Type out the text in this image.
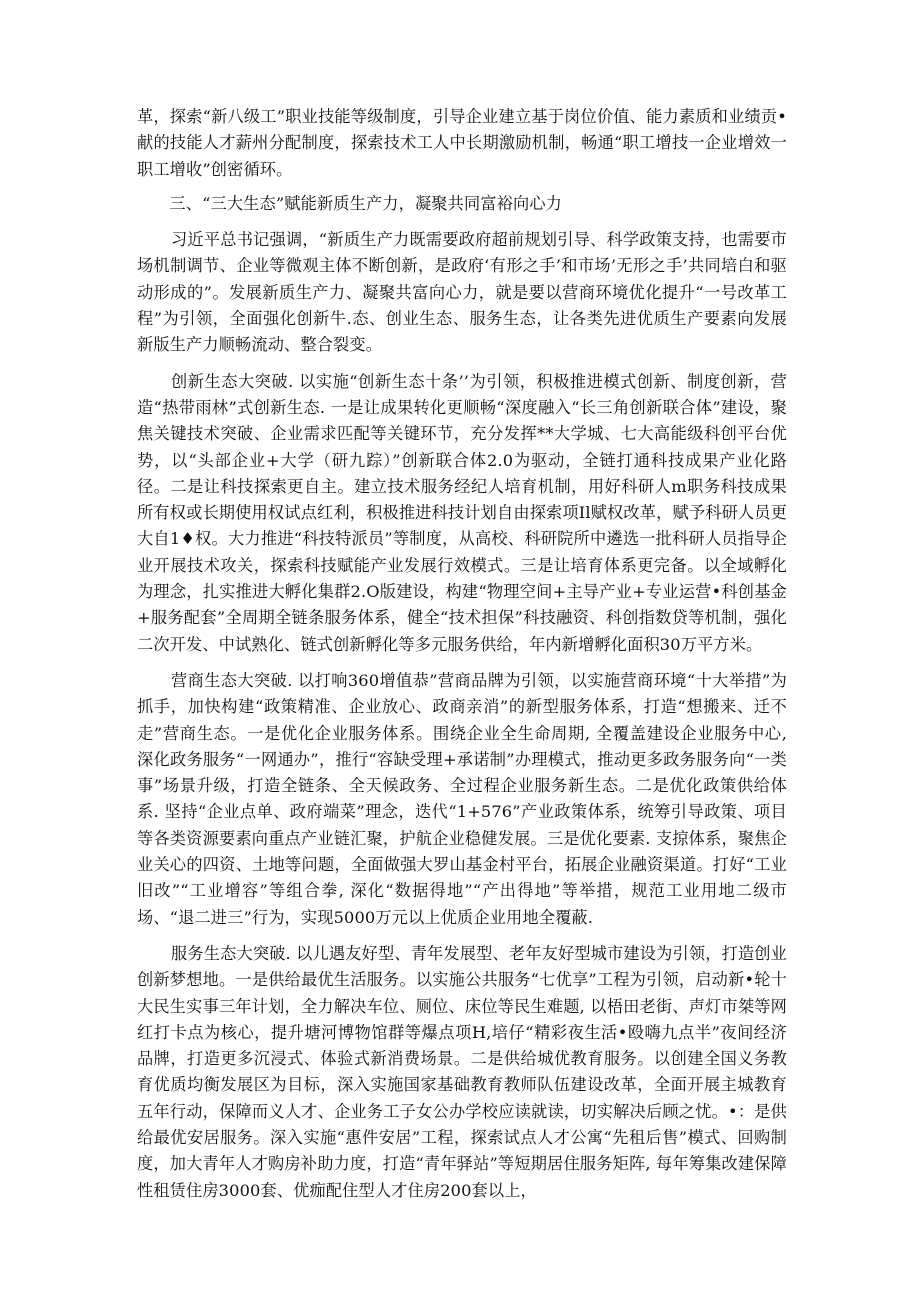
革，探索“新八级工”职业技能等级制度，引导企业建立基于岗位价值、能力素质和业绩贡•献的技能人才薪州分配制度，探索技术工人中长期激励机制，畅通“职工增技一企业增效一职工增收”创密循环。

三、“三大生态”赋能新质生产力，凝聚共同富裕向心力

习近平总书记强调，“新质生产力既需要政府超前规划引导、科学政策支持，也需要市场机制调节、企业等微观主体不断创新，是政府‘有形之手’和市场’无形之手’共同培白和驱动形成的”。发展新质生产力、凝聚共富向心力，就是要以营商环境优化提升“一号改革工程”为引领，全面强化创新牛.态、创业生态、服务生态，让各类先进优质生产要素向发展新版生产力顺畅流动、整合裂变。

创新生态大突破. 以实施“创新生态十条’’为引领，积极推进模式创新、制度创新，营造“热带雨林”式创新生态. 一是让成果转化更顺畅“深度融入“长三角创新联合体”建设，聚焦关键技术突破、企业需求匹配等关键环节，充分发挥**大学城、七大高能级科创平台优势，以“头部企业+大学（研九踪）”创新联合体2.0为驱动，全链打通科技成果产业化路径。二是让科技探索更自主。建立技术服务经纪人培育机制，用好科研人m职务科技成果所有权或长期使用权试点红利，积极推进科技计划自由探索项Il赋权改革，赋予科研人员更大自1♦权。大力推进“科技特派员”等制度，从高校、科研院所中遴选一批科研人员指导企业开展技术攻关，探索科技赋能产业发展行效模式。三是让培育体系更完备。以全域孵化为理念，扎实推进大孵化集群2.O版建设，构建“物理空间+主导产业+专业运营•科创基金+服务配套”全周期全链条服务体系，健全“技术担保”科技融资、科创指数贷等机制，强化二次开发、中试熟化、链式创新孵化等多元服务供给，年内新增孵化面积30万平方米。

营商生态大突破. 以打响360增值恭”营商品牌为引领，以实施营商环境“十大举措”为抓手，加快构建“政策精准、企业放心、政商亲消”的新型服务体系，打造“想搬来、迁不走”营商生态。一是优化企业服务体系。围绕企业全生命周期, 全覆盖建设企业服务中心, 深化政务服务“一网通办”，推行“容缺受理+承诺制”办理模式，推动更多政务服务向“一类事”场景升级，打造全链条、全天候政务、全过程企业服务新生态。二是优化政策供给体系. 坚持“企业点单、政府端菜”理念，迭代“1+576”产业政策体系，统筹引导政策、项目等各类资源要素向重点产业链汇聚，护航企业稳健发展。三是优化要素. 支掠体系，聚焦企业关心的四资、土地等问题，全面做强大罗山基金村平台，拓展企业融资渠道。打好“工业旧改”“工业增容”等组合拳, 深化“数据得地”“产出得地”等举措，规范工业用地二级市场、“退二进三”行为，实现5000万元以上优质企业用地全覆蔽.

服务生态大突破. 以儿遇友好型、青年发展型、老年友好型城市建设为引领，打造创业创新梦想地。一是供给最优生活服务。以实施公共服务“七优享”工程为引领，启动新•轮十大民生实事三年计划，全力解决车位、厕位、床位等民生难题, 以梧田老街、声灯市桀等网红打卡点为核心，提升塘河博物馆群等爆点项H,培仔“精彩夜生活•殴嗨九点半”夜间经济品牌，打造更多沉浸式、体验式新消费场景。二是供给城优教育服务。以创建全国义务教育优质均衡发展区为目标，深入实施国家基础教育教师队伍建设改革，全面开展主城教育五年行动，保障而义人才、企业务工子女公办学校应读就读，切实解决后顾之忧。•：是供给最优安居服务。深入实施“惠件安居”工程，探索试点人才公寓“先租后售”模式、回购制度，加大青年人才购房补助力度，打造“青年驿站”等短期居住服务矩阵, 每年筹集改建保障性租赁住房3000套、优痂配住型人才住房200套以上，
